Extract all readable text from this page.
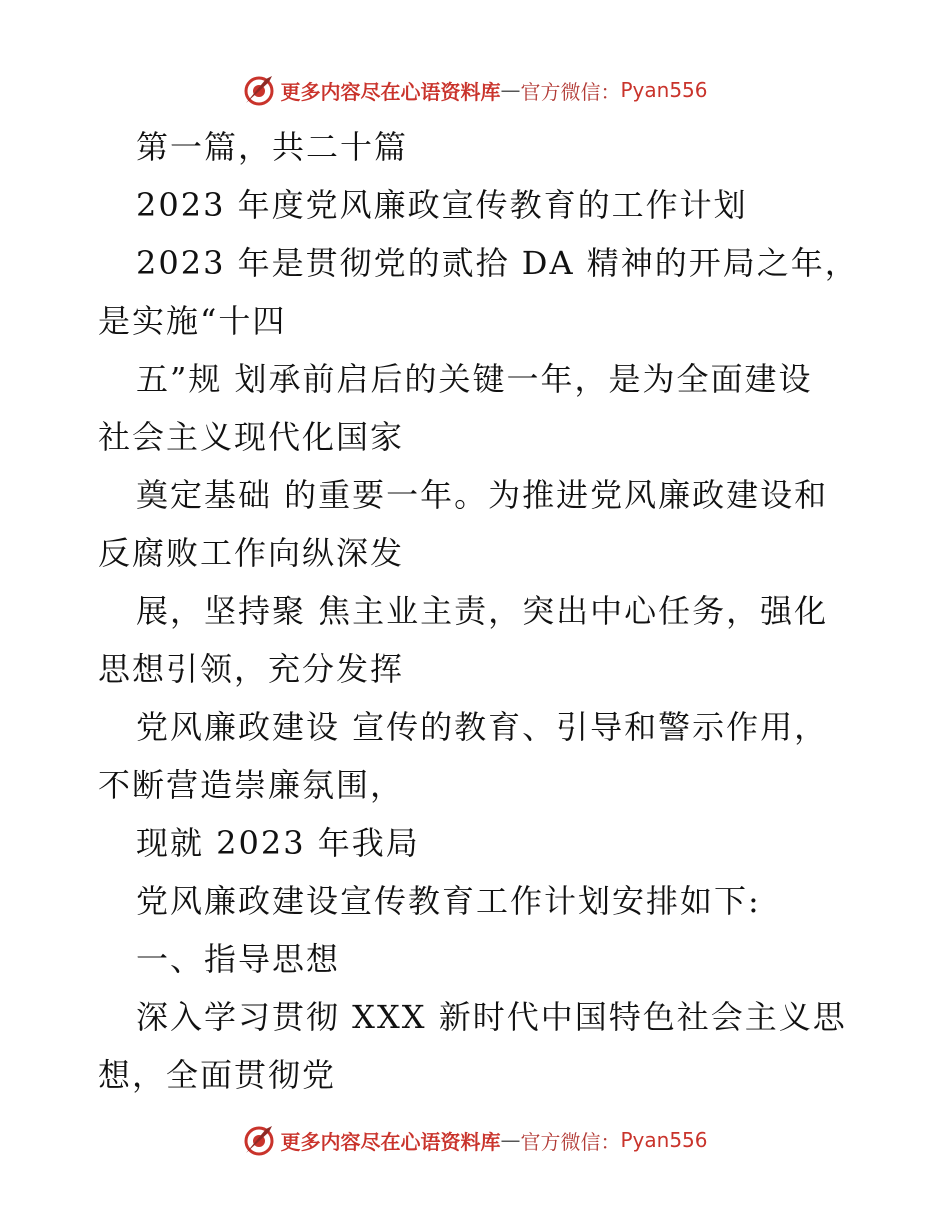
更多内容尽在心语资料库 — 官方微信： Pyan556
第一篇，共二十篇
2023 年度党风廉政宣传教育的工作计划
2023 年是贯彻党的贰拾 DA 精神的开局之年，
是实施“十四
五”规 划承前启后的关键一年，是为全面建设
社会主义现代化国家
奠定基础 的重要一年。为推进党风廉政建设和
反腐败工作向纵深发
展，坚持聚 焦主业主责，突出中心任务，强化
思想引领，充分发挥
党风廉政建设 宣传的教育、引导和警示作用，
不断营造崇廉氛围，
现就 2023 年我局
党风廉政建设宣传教育工作计划安排如下:
一、指导思想
深入学习贯彻 XXX 新时代中国特色社会主义思
想，全面贯彻党
更多内容尽在心语资料库 — 官方微信： Pyan556
